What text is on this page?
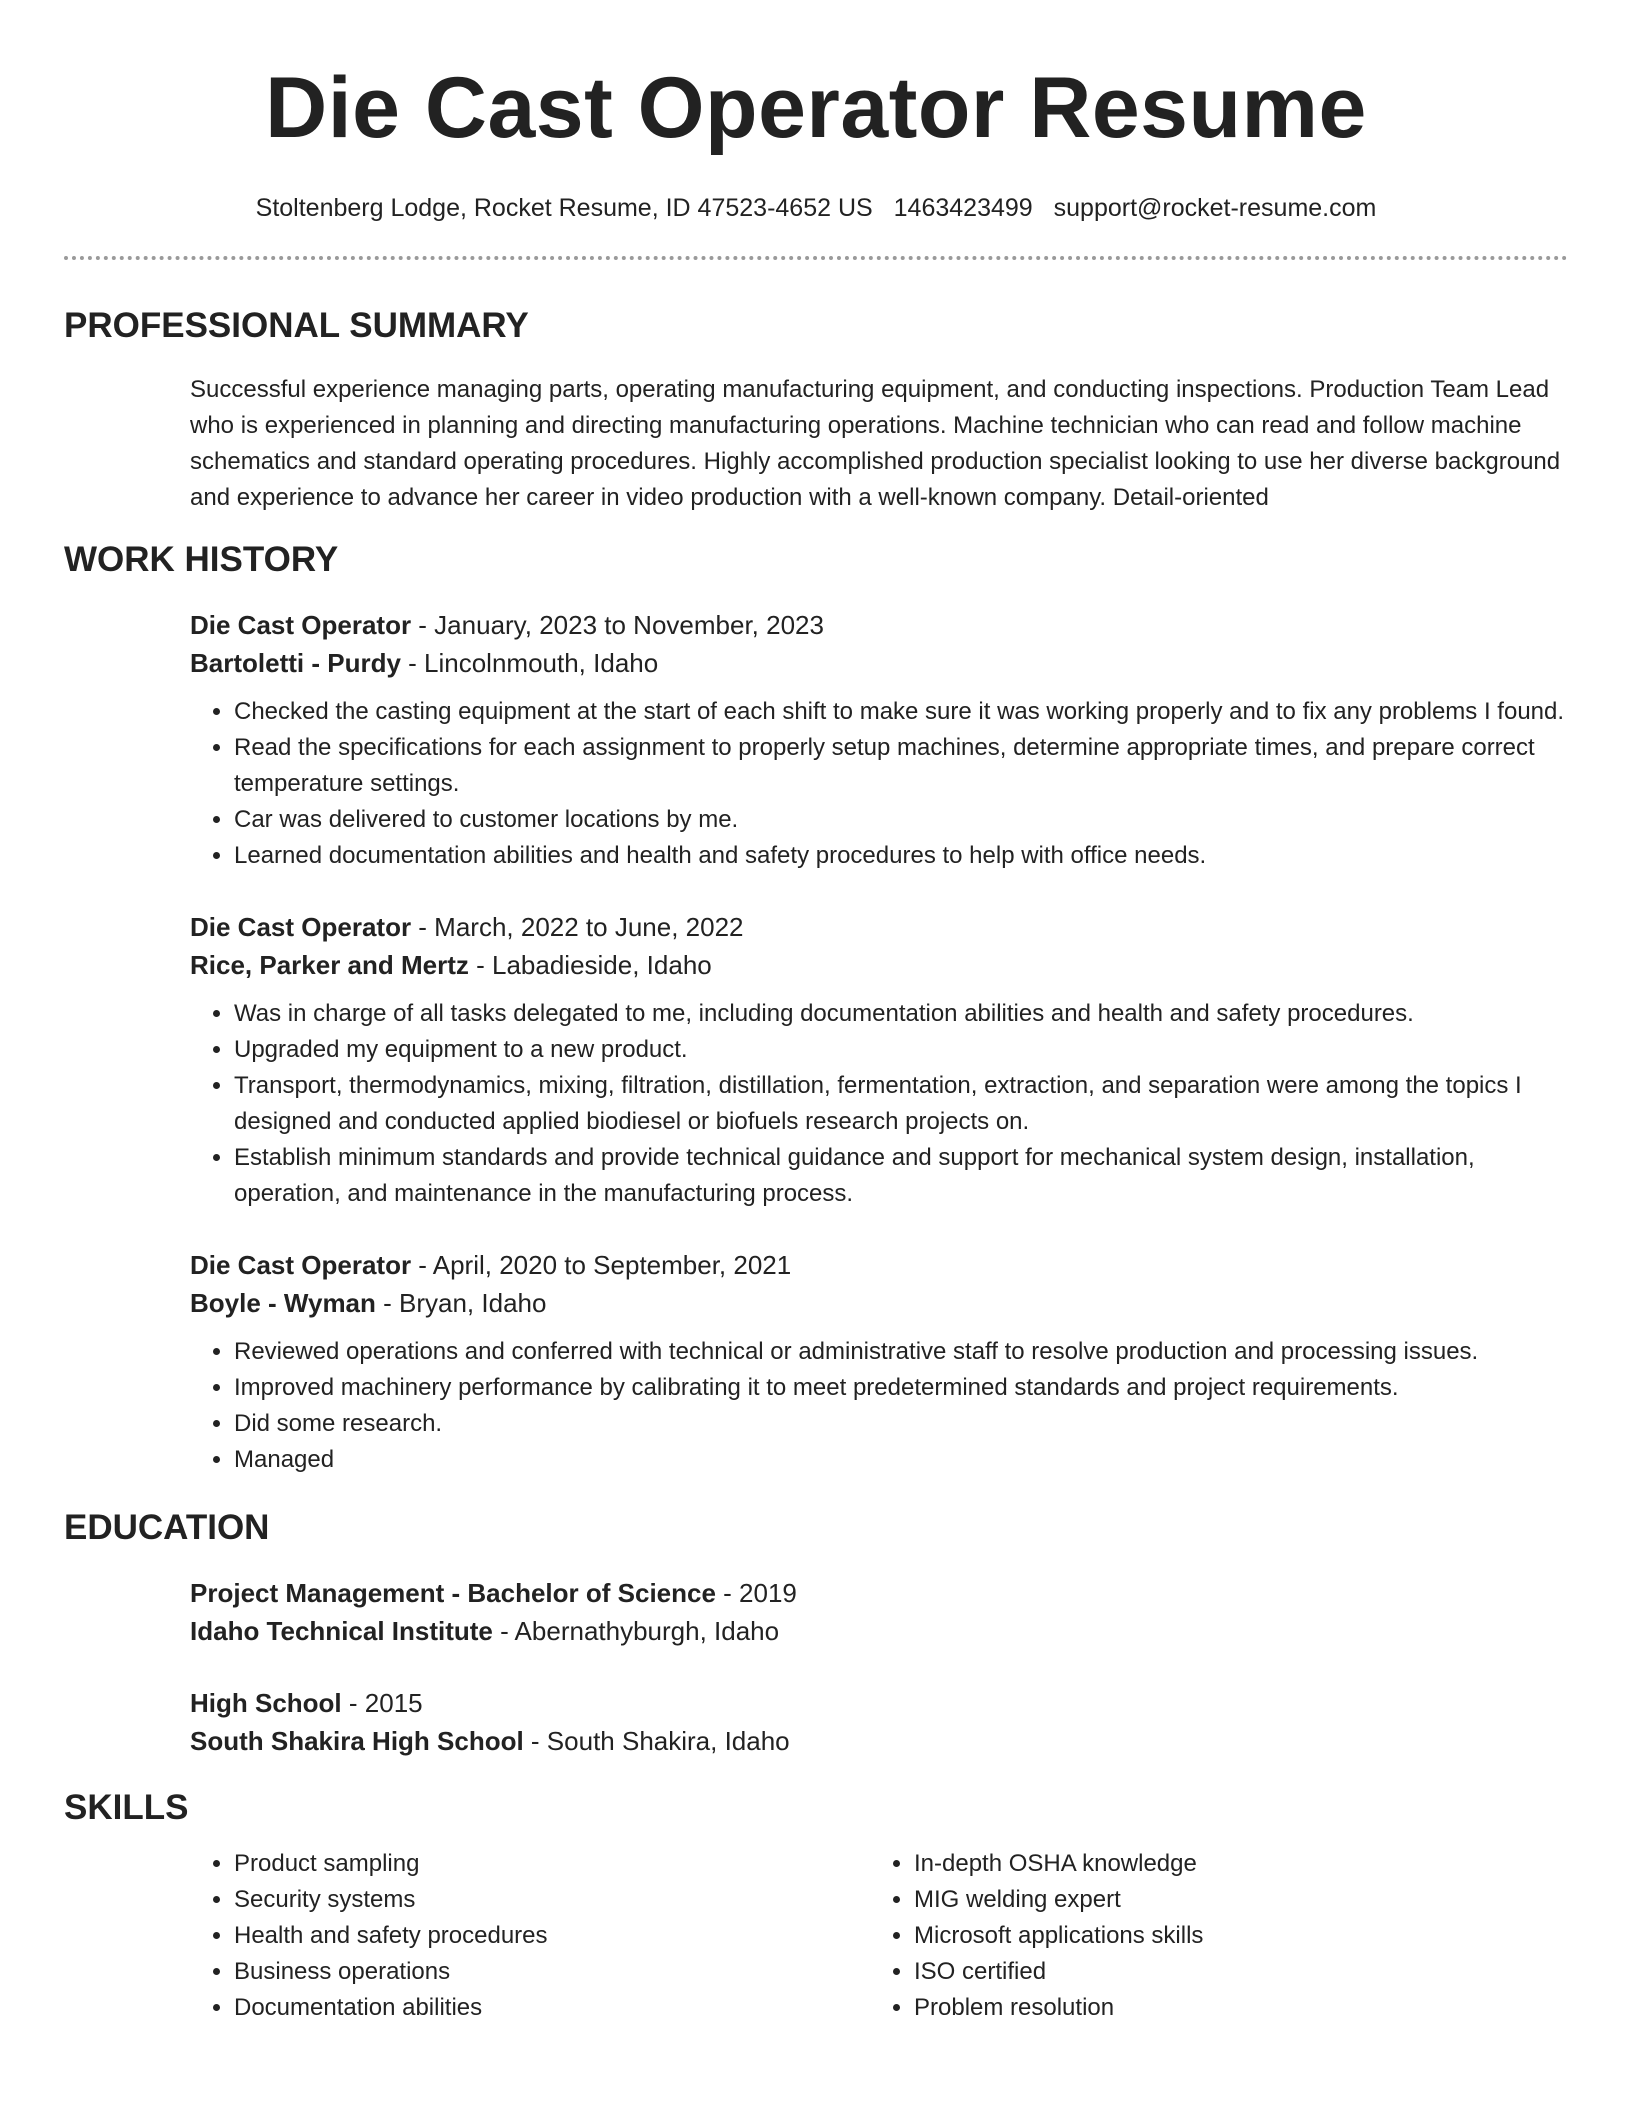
Die Cast Operator Resume
Stoltenberg Lodge, Rocket Resume, ID 47523-4652 US 1463423499 support@rocket-resume.com
PROFESSIONAL SUMMARY
Successful experience managing parts, operating manufacturing equipment, and conducting inspections. Production Team Lead who is experienced in planning and directing manufacturing operations. Machine technician who can read and follow machine schematics and standard operating procedures. Highly accomplished production specialist looking to use her diverse background and experience to advance her career in video production with a well-known company. Detail-oriented
WORK HISTORY
Die Cast Operator - January, 2023 to November, 2023
Bartoletti - Purdy - Lincolnmouth, Idaho
• Checked the casting equipment at the start of each shift to make sure it was working properly and to fix any problems I found.
• Read the specifications for each assignment to properly setup machines, determine appropriate times, and prepare correct temperature settings.
• Car was delivered to customer locations by me.
• Learned documentation abilities and health and safety procedures to help with office needs.
Die Cast Operator - March, 2022 to June, 2022
Rice, Parker and Mertz - Labadieside, Idaho
• Was in charge of all tasks delegated to me, including documentation abilities and health and safety procedures.
• Upgraded my equipment to a new product.
• Transport, thermodynamics, mixing, filtration, distillation, fermentation, extraction, and separation were among the topics I designed and conducted applied biodiesel or biofuels research projects on.
• Establish minimum standards and provide technical guidance and support for mechanical system design, installation, operation, and maintenance in the manufacturing process.
Die Cast Operator - April, 2020 to September, 2021
Boyle - Wyman - Bryan, Idaho
• Reviewed operations and conferred with technical or administrative staff to resolve production and processing issues.
• Improved machinery performance by calibrating it to meet predetermined standards and project requirements.
• Did some research.
• Managed
EDUCATION
Project Management - Bachelor of Science - 2019
Idaho Technical Institute - Abernathyburgh, Idaho
High School - 2015
South Shakira High School - South Shakira, Idaho
SKILLS
• Product sampling
• Security systems
• Health and safety procedures
• Business operations
• Documentation abilities
• In-depth OSHA knowledge
• MIG welding expert
• Microsoft applications skills
• ISO certified
• Problem resolution
